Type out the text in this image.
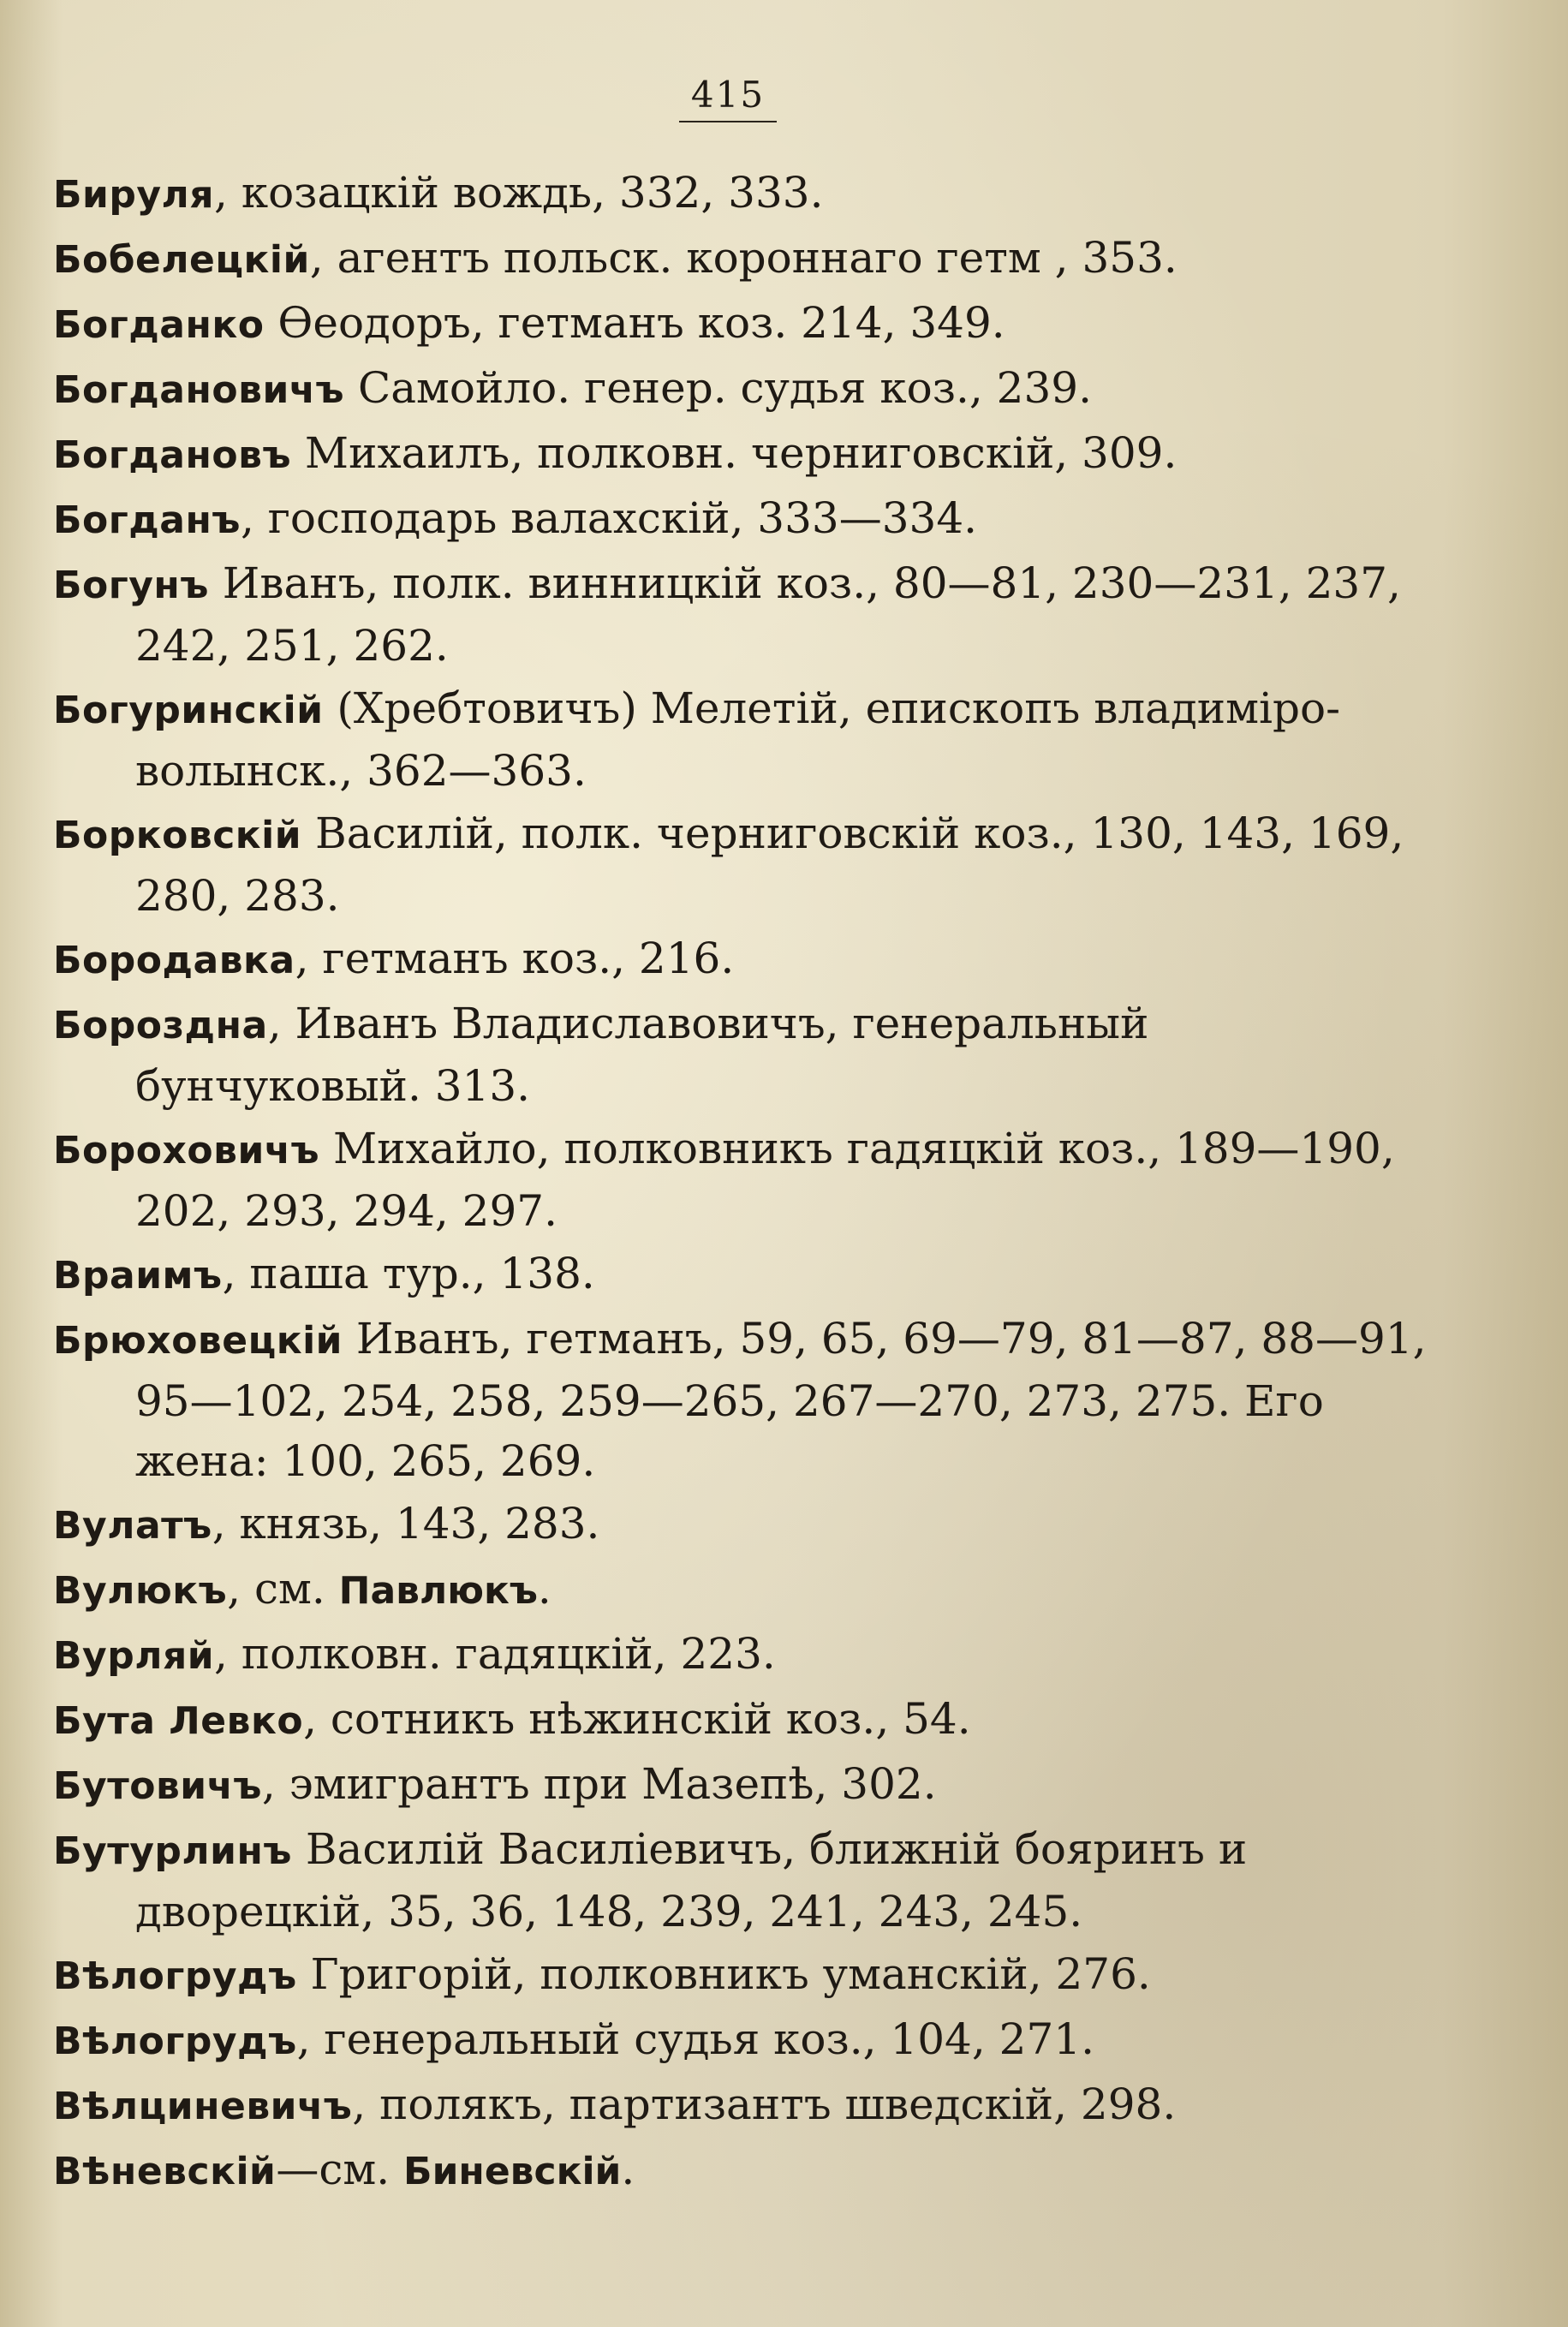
415

Бируля, козацкій вождь, 332, 333.

Бобелецкій, агентъ польск. короннаго гетм , 353.

Богданко Ѳеодоръ, гетманъ коз. 214, 349.

Богдановичъ Самойло. генер. судья коз., 239.

Богдановъ Михаилъ, полковн. черниговскій, 309.

Богданъ, господарь валахскій, 333—334.

Богунъ Иванъ, полк. винницкій коз., 80—81, 230—231, 237, 242, 251, 262.

Богуринскій (Хребтовичъ) Мелетій, епископъ владиміро-волынск., 362—363.

Борковскій Василій, полк. черниговскій коз., 130, 143, 169, 280, 283.

Бородавка, гетманъ коз., 216.

Бороздна, Иванъ Владиславовичъ, генеральный бунчуковый. 313.

Бороховичъ Михайло, полковникъ гадяцкій коз., 189—190, 202, 293, 294, 297.

Враимъ, паша тур., 138.

Брюховецкій Иванъ, гетманъ, 59, 65, 69—79, 81—87, 88—91, 95—102, 254, 258, 259—265, 267—270, 273, 275. Его жена: 100, 265, 269.

Вулатъ, князь, 143, 283.

Вулюкъ, см. Павлюкъ.

Вурляй, полковн. гадяцкій, 223.

Бута Левко, сотникъ нѣжинскій коз., 54.

Бутовичъ, эмигрантъ при Мазепѣ, 302.

Бутурлинъ Василій Василіевичъ, ближній бояринъ и дворецкій, 35, 36, 148, 239, 241, 243, 245.

Вѣлогрудъ Григорій, полковникъ уманскій, 276.

Вѣлогрудъ, генеральный судья коз., 104, 271.

Вѣлциневичъ, полякъ, партизантъ шведскій, 298.

Вѣневскій—см. Биневскій.
